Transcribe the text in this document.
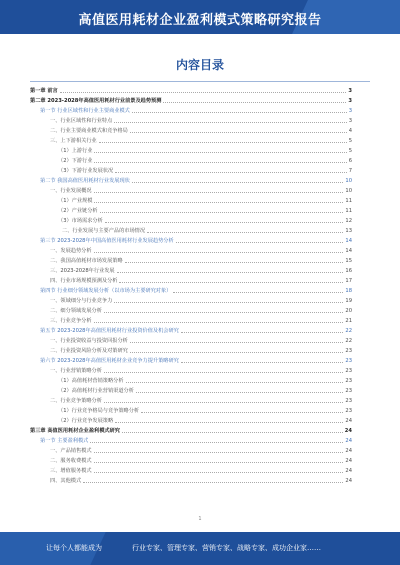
高值医用耗材企业盈利模式策略研究报告
内容目录
第一章 前言	3
第二章 2023-2028年高值医用耗材行业前景及趋势预测	3
第一节 行业区域性和行业主要商业模式	3
一、行业区域性和行业特点	3
二、行业主要商业模式和竞争格局	4
三、上下游相关行业	5
（1）上游行业	5
（2）下游行业	6
（3）下游行业发展状况	7
第二节 我国高值医用耗材行业发展现状	10
一、行业发展概况	10
（1）产业规模	11
（2）产业链分析	11
（3）市场需求分析	12
二、行业发展与主要产品的市场情况	13
第三节 2023-2028年中国高值医用耗材行业发展趋势分析	14
一、发展趋势分析	14
二、我国高值耗材市场发展策略	15
三、2023-2028年行业发展	16
四、行业市场规模预测及分析	17
第四节 行业细分领域发展分析（以市场为主要研究对象）	18
一、领域细分与行业竞争力	19
二、细分领域发展分析	20
三、行业竞争分析	21
第五节 2023-2028年高值医用耗材行业投资价值及机会研究	22
一、行业投资收益与投资回报分析	22
二、行业投资风险分析及对策研究	23
第六节 2023-2028年高值医用耗材企业竞争力提升策略研究	23
一、行业营销策略分析	23
（1）高值耗材营销策略分析	23
（2）高值耗材行业营销渠道分析	23
二、行业竞争策略分析	23
（1）行业竞争格局与竞争策略分析	23
（2）行业竞争发展策略	24
第三章 高值医用耗材企业盈利模式研究	24
第一节 主要盈利模式	24
一、产品销售模式	24
二、服务收费模式	24
三、增值服务模式	24
四、其他模式	24
1
让每个人都能成为	行业专家、管理专家、营销专家、战略专家、成功企业家……
